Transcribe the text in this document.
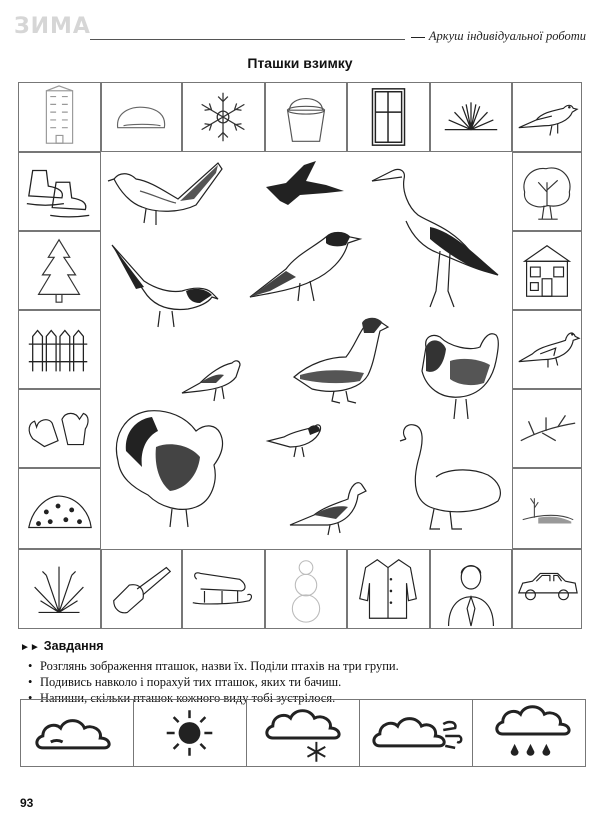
ЗИМА	Аркуш індивідуальної роботи
Пташки взимку
►► Завдання
• Розглянь зображення пташок, назви їх. Поділи птахів на три групи.
• Подивись навколо і порахуй тих пташок, яких ти бачиш.
• Напиши, скільки пташок кожного виду тобі зустрілося.
93
